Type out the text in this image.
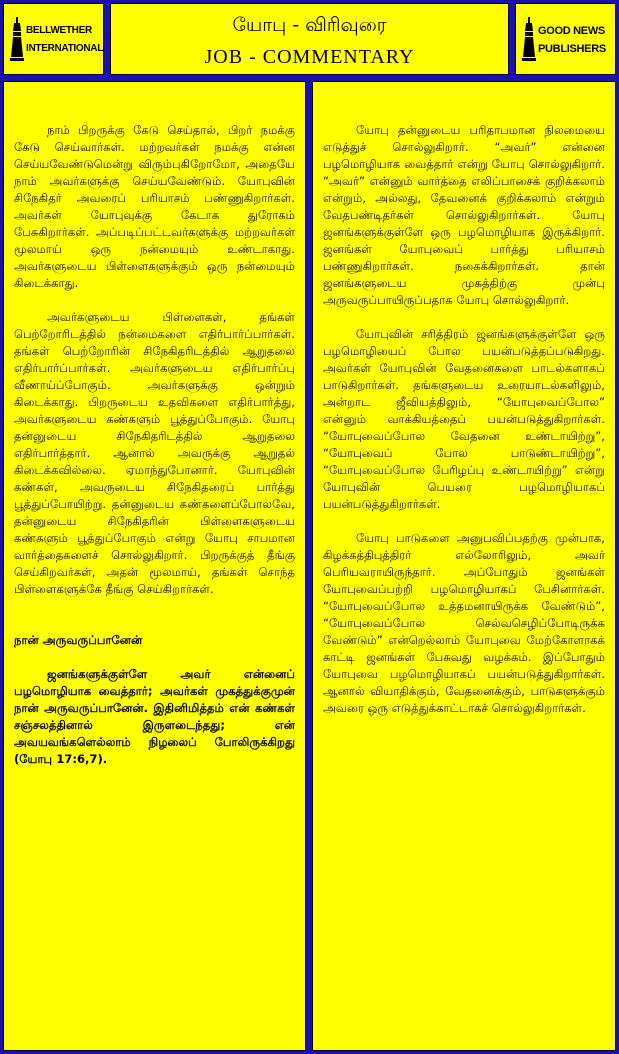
BELLWETHER
INTERNATIONAL
யோபு - விரிவுரை
JOB - COMMENTARY
GOOD NEWS
PUBLISHERS

நாம் பிறருக்கு கேடு செய்தால், பிறர் நமக்கு கேடு செய்வார்கள். மற்றவர்கள் நமக்கு என்ன செய்யவேண்டுமென்று விரும்புகிறோமோ, அதையே நாம் அவர்களுக்கு செய்யவேண்டும். யோபுவின் சிநேகிதர் அவரைப் பரியாசம் பண்ணுகிறார்கள். அவர்கள் யோபுவுக்கு கேடாக துரோகம் பேசுகிறார்கள். அப்படிப்பட்டவர்களுக்கு மற்றவர்கள் மூலமாய் ஒரு நன்மையும் உண்டாகாது. அவர்களுடைய பிள்ளைகளுக்கும் ஒரு நன்மையும் கிடைக்காது.

அவர்களுடைய பிள்ளைகள், தங்கள் பெற்றோரிடத்தில் நன்மைகளை எதிர்பார்ப்பார்கள். தங்கள் பெற்றோரின் சிநேகிதரிடத்தில் ஆறுதலை எதிர்பார்ப்பார்கள். அவர்களுடைய எதிர்பார்ப்பு வீணாய்ப்போகும். அவர்களுக்கு ஒன்றும் கிடைக்காது. பிறருடைய உதவிகளை எதிர்பார்த்து, அவர்களுடைய கண்களும் பூத்துப்போகும். யோபு தன்னுடைய சிநேகிதரிடத்தில் ஆறுதலை எதிர்பார்த்தார். ஆனால் அவருக்கு ஆறுதல் கிடைக்கவில்லை. ஏமாந்துபோனார். யோபுவின் கண்கள், அவருடைய சிநேகிதரைப் பார்த்து பூத்துப்போயிற்று. தன்னுடைய கண்களைப்போலவே, தன்னுடைய சிநேகிதரின் பிள்ளைகளுடைய கண்களும் பூத்துப்போகும் என்று யோபு சாபமான வார்த்தைகளைச் சொல்லுகிறார். பிறருக்குத் தீங்கு செய்கிறவர்கள், அதன் மூலமாய், தங்கள் சொந்த பிள்ளைகளுக்கே தீங்கு செய்கிறார்கள்.

நான் அருவருப்பானேன்

ஜனங்களுக்குள்ளே அவர் என்னைப் பழமொழியாக வைத்தார்; அவர்கள் முகத்துக்குமுன் நான் அருவருப்பானேன். இதினிமித்தம் என் கண்கள் சஞ்சலத்தினால் இருளடைந்தது; என் அவயவங்களெல்லாம் நிழலைப் போலிருக்கிறது (யோபு 17:6,7).

யோபு தன்னுடைய பரிதாபமான நிலமையை எடுத்துச் சொல்லுகிறார். “அவர்” என்னை பழமொழியாக வைத்தார் என்று யோபு சொல்லுகிறார். “அவர்” என்னும் வார்த்தை எலிப்பாசைக் குறிக்கலாம் என்றும், அல்லது, தேவனைக் குறிக்கலாம் என்றும் வேதபண்டிதர்கள் சொல்லுகிறார்கள். யோபு ஜனங்களுக்குள்ளே ஒரு பழமொழியாக இருக்கிறார். ஜனங்கள் யோபுவைப் பார்த்து பரியாசம் பண்ணுகிறார்கள். நகைக்கிறார்கள். தான் ஜனங்களுடைய முகத்திற்கு முன்பு அருவருப்பாயிருப்பதாக யோபு சொல்லுகிறார்.

யோபுவின் சரித்திரம் ஜனங்களுக்குள்ளே ஒரு பழமொழியைப் போல பயன்படுத்தப்படுகிறது. அவர்கள் யோபுவின் வேதனைகளை பாடல்களாகப் பாடுகிறார்கள். தங்களுடைய உரையாடல்களிலும், அன்றாட ஜீவியத்திலும், “யோபுவைப்போல” என்னும் வாக்கியத்தைப் பயன்படுத்துகிறார்கள். “யோபுவைப்போல வேதனை உண்டாயிற்று”, “யோபுவைப் போல பாடுண்டாயிற்று”, “யோபுவைப்போல பேரிழப்பு உண்டாயிற்று” என்று யோபுவின் பெயரை பழமொழியாகப் பயன்படுத்துகிறார்கள்.

யோபு பாடுகளை அனுபவிப்பதற்கு முன்பாக, கிழக்கத்திபுத்திரர் எல்லோரிலும், அவர் பெரியவராயிருந்தார். அப்போதும் ஜனங்கள் யோபுவைப்பற்றி பழமொழியாகப் பேசினார்கள். “யோபுவைப்போல உத்தமனாயிருக்க வேண்டும்”, “யோபுவைப்போல செல்வசெழிப்போடிருக்க வேண்டும்” என்றெல்லாம் யோபுவை மேற்கோளாகக் காட்டி ஜனங்கள் பேசுவது வழக்கம். இப்போதும் யோபுவை பழமொழியாகப் பயன்படுத்துகிறார்கள். ஆனால் வியாதிக்கும், வேதனைக்கும், பாடுகளுக்கும் அவரை ஒரு எடுத்துக்காட்டாகச் சொல்லுகிறார்கள்.
